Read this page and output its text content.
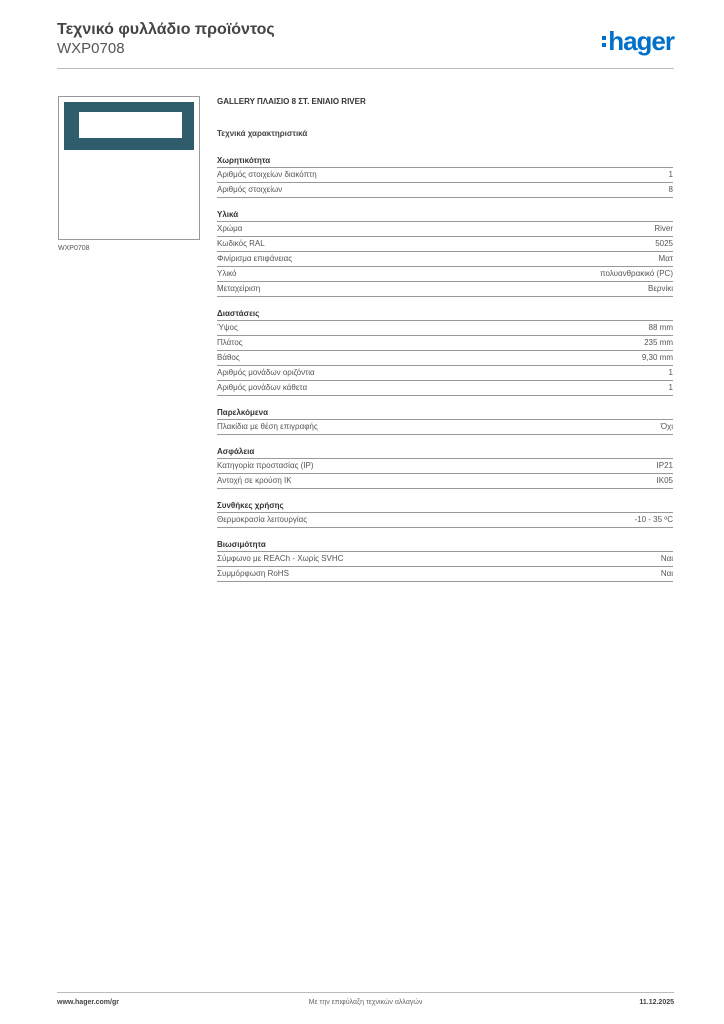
Τεχνικό φυλλάδιο προϊόντος
WXP0708	hager
WXP0708
GALLERY ΠΛΑΙΣΙΟ 8 ΣΤ. ΕΝΙΑΙΟ RIVER
Τεχνικά χαρακτηριστικά
Χωρητικότητα
Αριθμός στοιχείων διακόπτη	1
Αριθμός στοιχείων	8
Υλικά
Χρώμα	River
Κωδικός RAL	5025
Φινίρισμα επιφάνειας	Ματ
Υλικό	πολυανθρακικό (PC)
Μεταχείριση	Βερνίκι
Διαστάσεις
Ύψος	88 mm
Πλάτος	235 mm
Βάθος	9,30 mm
Αριθμός μονάδων οριζόντια	1
Αριθμός μονάδων κάθετα	1
Παρελκόμενα
Πλακίδια με θέση επιγραφής	Όχι
Ασφάλεια
Κατηγορία προστασίας (IP)	IP21
Αντοχή σε κρούση IK	IK05
Συνθήκες χρήσης
Θερμοκρασία λειτουργίας	-10 - 35 ºC
Βιωσιμότητα
Σύμφωνο με REACh - Χωρίς SVHC	Ναι
Συμμόρφωση RoHS	Ναι
www.hager.com/gr	Με την επιφύλαξη τεχνικών αλλαγών	11.12.2025
